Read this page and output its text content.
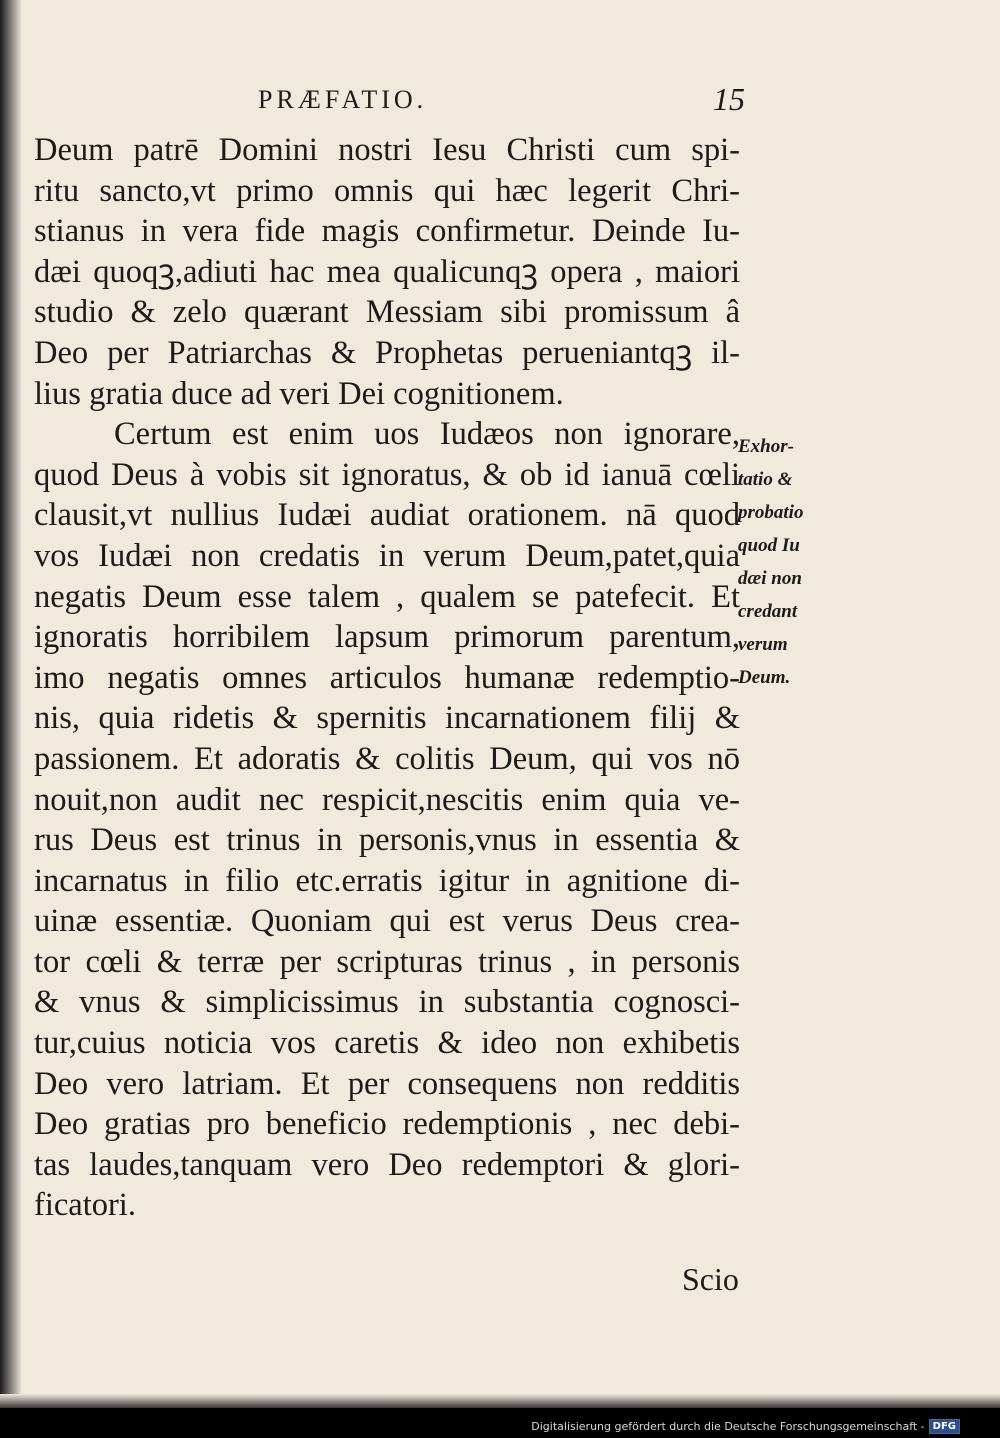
PRÆFATIO.	15
Deum patrē Domini nostri Iesu Christi cum spi-
ritu sancto,vt primo omnis qui hæc legerit Chri-
stianus in vera fide magis confirmetur. Deinde Iu-
dæi quoqꝫ,adiuti hac mea qualicunqꝫ opera , maiori
studio & zelo quærant Messiam sibi promissum â
Deo per Patriarchas & Prophetas perueniantqꝫ il-
lius gratia duce ad veri Dei cognitionem.
Certum est enim uos Iudæos non ignorare,
quod Deus à vobis sit ignoratus, & ob id ianuā cœli
clausit,vt nullius Iudæi audiat orationem. nā quod
vos Iudæi non credatis in verum Deum,patet,quia
negatis Deum esse talem , qualem se patefecit. Et
ignoratis horribilem lapsum primorum parentum,
imo negatis omnes articulos humanæ redemptio-
nis, quia ridetis & spernitis incarnationem filij &
passionem. Et adoratis & colitis Deum, qui vos nō
nouit,non audit nec respicit,nescitis enim quia ve-
rus Deus est trinus in personis,vnus in essentia &
incarnatus in filio etc.erratis igitur in agnitione di-
uinæ essentiæ. Quoniam qui est verus Deus crea-
tor cœli & terræ per scripturas trinus , in personis
& vnus & simplicissimus in substantia cognosci-
tur,cuius noticia vos caretis & ideo non exhibetis
Deo vero latriam. Et per consequens non redditis
Deo gratias pro beneficio redemptionis , nec debi-
tas laudes,tanquam vero Deo redemptori & glori-
ficatori.
Exhor-
tatio &
probatio
quod Iu
dæi non
credant
verum
Deum.
Scio
Digitalisierung gefördert durch die Deutsche Forschungsgemeinschaft - DFG
